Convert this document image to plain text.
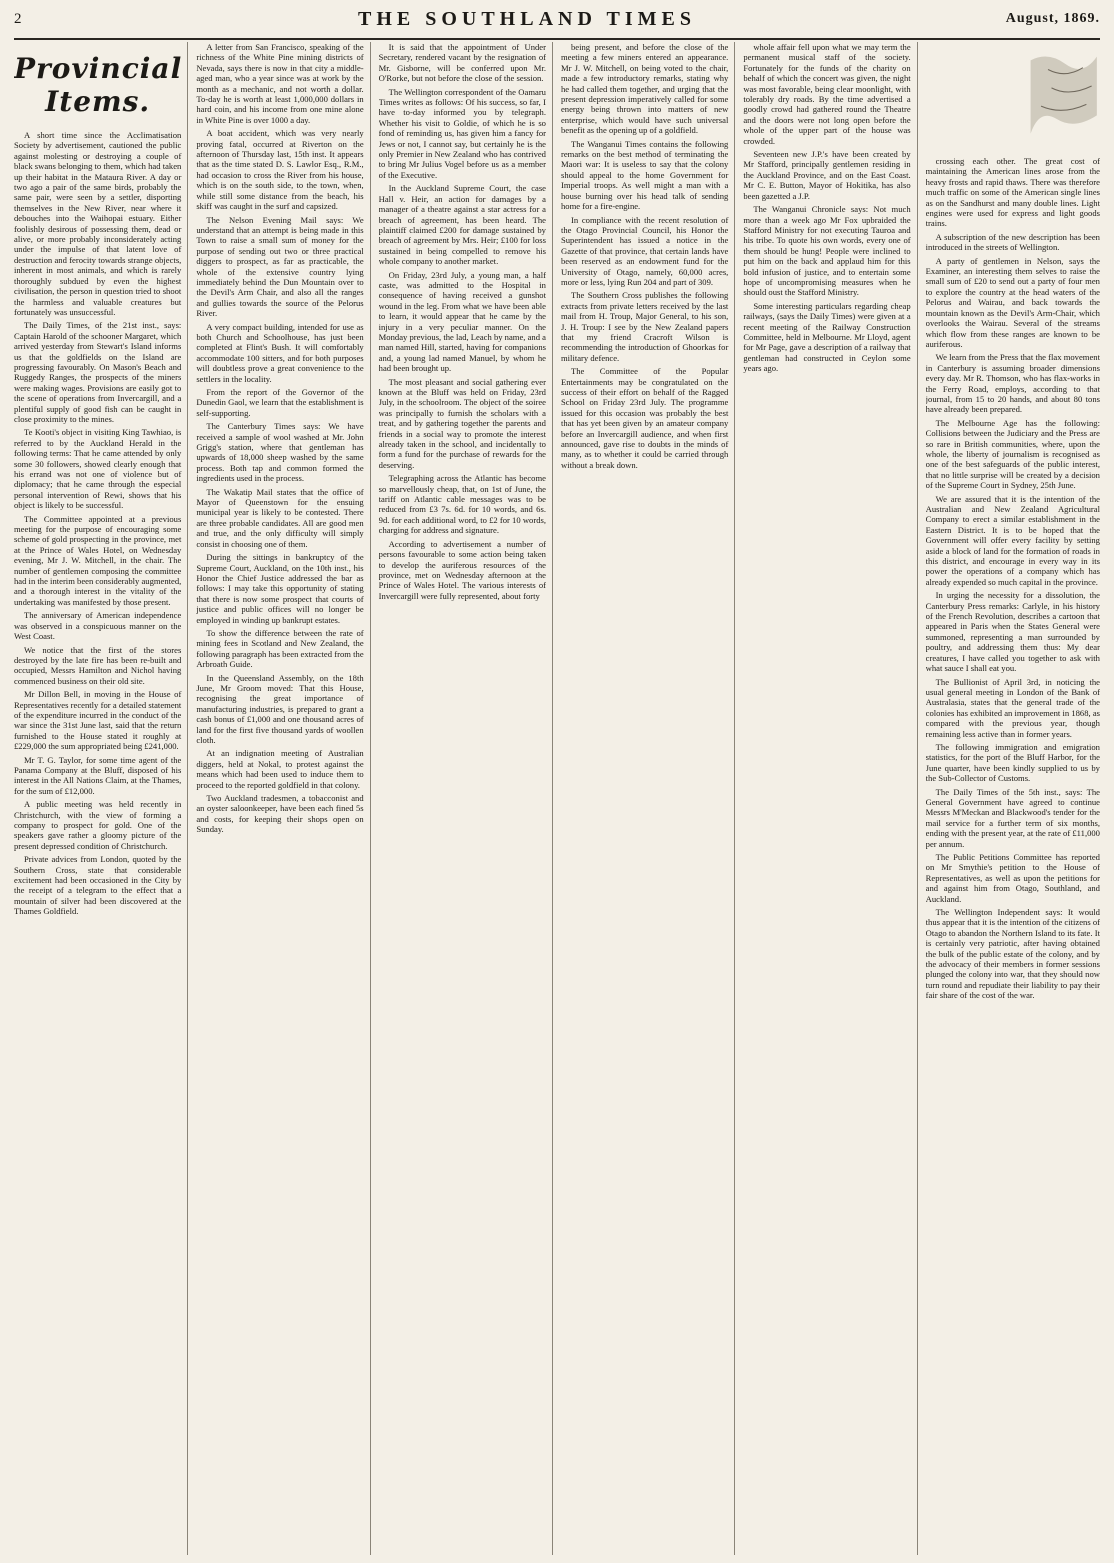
2	THE SOUTHLAND TIMES	August, 1869.
Provincial Items.

A short time since the Acclimatisation Society by advertisement, cautioned the public against molesting or destroying a couple of black swans belonging to them, which had taken up their habitat in the Mataura River. A day or two ago a pair of the same birds, probably the same pair, were seen by a settler, disporting themselves in the New River, near where it debouches into the Waihopai estuary. Either foolishly desirous of possessing them, dead or alive, or more probably inconsiderately acting under the impulse of that latent love of destruction and ferocity towards strange objects, inherent in most animals, and which is rarely thoroughly subdued by even the highest civilisation, the person in question tried to shoot the harmless and valuable creatures but fortunately was unsuccessful.

The Daily Times, of the 21st inst., says: Captain Harold of the schooner Margaret, which arrived yesterday from Stewart's Island informs us that the goldfields on the Island are progressing favourably. On Mason's Beach and Ruggedy Ranges, the prospects of the miners were making wages. Provisions are easily got to the scene of operations from Invercargill, and a plentiful supply of good fish can be caught in close proximity to the mines.

Te Kooti's object in visiting King Tawhiao, is referred to by the Auckland Herald in the following terms: That he came attended by only some 30 followers, showed clearly enough that his errand was not one of violence but of diplomacy; that he came through the especial personal intervention of Rewi, shows that his object is likely to be successful.

The Committee appointed at a previous meeting for the purpose of encouraging some scheme of gold prospecting in the province, met at the Prince of Wales Hotel, on Wednesday evening, Mr J. W. Mitchell, in the chair. The number of gentlemen composing the committee had in the interim been considerably augmented, and a thorough interest in the vitality of the undertaking was manifested by those present.

The anniversary of American independence was observed in a conspicuous manner on the West Coast.

We notice that the first of the stores destroyed by the late fire has been re-built and occupied, Messrs Hamilton and Nichol having commenced business on their old site.

Mr Dillon Bell, in moving in the House of Representatives recently for a detailed statement of the expenditure incurred in the conduct of the war since the 31st June last, said that the return furnished to the House stated it roughly at £229,000 the sum appropriated being £241,000.

Mr T. G. Taylor, for some time agent of the Panama Company at the Bluff, disposed of his interest in the All Nations Claim, at the Thames, for the sum of £12,000.

A public meeting was held recently in Christchurch, with the view of forming a company to prospect for gold. One of the speakers gave rather a gloomy picture of the present depressed condition of Christchurch.

Private advices from London, quoted by the Southern Cross, state that considerable excitement had been occasioned in the City by the receipt of a telegram to the effect that a mountain of silver had been discovered at the Thames Goldfield.

A letter from San Francisco, speaking of the richness of the White Pine mining districts of Nevada, says there is now in that city a middle-aged man, who a year since was at work by the month as a mechanic, and not worth a dollar. To-day he is worth at least 1,000,000 dollars in hard coin, and his income from one mine alone in White Pine is over 1000 a day.

A boat accident, which was very nearly proving fatal, occurred at Riverton on the afternoon of Thursday last, 15th inst. It appears that as the time stated D. S. Lawlor Esq., R.M., had occasion to cross the River from his house, which is on the south side, to the town, when, while still some distance from the beach, his skiff was caught in the surf and capsized.

The Nelson Evening Mail says: We understand that an attempt is being made in this Town to raise a small sum of money for the purpose of sending out two or three practical diggers to prospect, as far as practicable, the whole of the extensive country lying immediately behind the Dun Mountain over to the Devil's Arm Chair, and also all the ranges and gullies towards the source of the Pelorus River.

A very compact building, intended for use as both Church and Schoolhouse, has just been completed at Flint's Bush. It will comfortably accommodate 100 sitters, and for both purposes will doubtless prove a great convenience to the settlers in the locality.

From the report of the Governor of the Dunedin Gaol, we learn that the establishment is self-supporting.

The Canterbury Times says: We have received a sample of wool washed at Mr. John Grigg's station, where that gentleman has upwards of 18,000 sheep washed by the same process. Both tap and common formed the ingredients used in the process.

The Wakatip Mail states that the office of Mayor of Queenstown for the ensuing municipal year is likely to be contested. There are three probable candidates. All are good men and true, and the only difficulty will simply consist in choosing one of them.

During the sittings in bankruptcy of the Supreme Court, Auckland, on the 10th inst., his Honor the Chief Justice addressed the bar as follows: I may take this opportunity of stating that there is now some prospect that courts of justice and public offices will no longer be employed in winding up bankrupt estates.

To show the difference between the rate of mining fees in Scotland and New Zealand, the following paragraph has been extracted from the Arbroath Guide.

In the Queensland Assembly, on the 18th June, Mr Groom moved: That this House, recognising the great importance of manufacturing industries, is prepared to grant a cash bonus of £1,000 and one thousand acres of land for the first five thousand yards of woollen cloth.

At an indignation meeting of Australian diggers, held at Nokal, to protest against the means which had been used to induce them to proceed to the reported goldfield in that colony.

Two Auckland tradesmen, a tobacconist and an oyster saloonkeeper, have been each fined 5s and costs, for keeping their shops open on Sunday.

It is said that the appointment of Under Secretary, rendered vacant by the resignation of Mr. Gisborne, will be conferred upon Mr. O'Rorke, but not before the close of the session.

The Wellington correspondent of the Oamaru Times writes as follows: Of his success, so far, I have to-day informed you by telegraph. Whether his visit to Goldie, of which he is so fond of reminding us, has given him a fancy for Jews or not, I cannot say, but certainly he is the only Premier in New Zealand who has contrived to bring Mr Julius Vogel before us as a member of the Executive.

In the Auckland Supreme Court, the case Hall v. Heir, an action for damages by a manager of a theatre against a star actress for a breach of agreement, has been heard. The plaintiff claimed £200 for damage sustained by breach of agreement by Mrs. Heir; £100 for loss sustained in being compelled to remove his whole company to another market.

On Friday, 23rd July, a young man, a half caste, was admitted to the Hospital in consequence of having received a gunshot wound in the leg. From what we have been able to learn, it would appear that he came by the injury in a very peculiar manner. On the Monday previous, the lad, Leach by name, and a man named Hill, started, having for companions and, a young lad named Manuel, by whom he had been brought up.

The most pleasant and social gathering ever known at the Bluff was held on Friday, 23rd July, in the schoolroom. The object of the soiree was principally to furnish the scholars with a treat, and by gathering together the parents and friends in a social way to promote the interest already taken in the school, and incidentally to form a fund for the purchase of rewards for the deserving.

Telegraphing across the Atlantic has become so marvellously cheap, that, on 1st of June, the tariff on Atlantic cable messages was to be reduced from £3 7s. 6d. for 10 words, and 6s. 9d. for each additional word, to £2 for 10 words, charging for address and signature.

According to advertisement a number of persons favourable to some action being taken to develop the auriferous resources of the province, met on Wednesday afternoon at the Prince of Wales Hotel. The various interests of Invercargill were fully represented, about forty

being present, and before the close of the meeting a few miners entered an appearance. Mr J. W. Mitchell, on being voted to the chair, made a few introductory remarks, stating why he had called them together, and urging that the present depression imperatively called for some energy being thrown into matters of new enterprise, which would have such universal benefit as the opening up of a goldfield.

The Wanganui Times contains the following remarks on the best method of terminating the Maori war: It is useless to say that the colony should appeal to the home Government for Imperial troops. As well might a man with a house burning over his head talk of sending home for a fire-engine.

In compliance with the recent resolution of the Otago Provincial Council, his Honor the Superintendent has issued a notice in the Gazette of that province, that certain lands have been reserved as an endowment fund for the University of Otago, namely, 60,000 acres, more or less, lying Run 204 and part of 309.

The Southern Cross publishes the following extracts from private letters received by the last mail from H. Troup, Major General, to his son, J. H. Troup: I see by the New Zealand papers that my friend Cracroft Wilson is recommending the introduction of Ghoorkas for military defence.

The Committee of the Popular Entertainments may be congratulated on the success of their effort on behalf of the Ragged School on Friday 23rd July. The programme issued for this occasion was probably the best that has yet been given by an amateur company before an Invercargill audience, and when first announced, gave rise to doubts in the minds of many, as to whether it could be carried through without a break down.

whole affair fell upon what we may term the permanent musical staff of the society. Fortunately for the funds of the charity on behalf of which the concert was given, the night was most favorable, being clear moonlight, with tolerably dry roads. By the time advertised a goodly crowd had gathered round the Theatre and the doors were not long open before the whole of the upper part of the house was crowded.

Seventeen new J.P.'s have been created by Mr Stafford, principally gentlemen residing in the Auckland Province, and on the East Coast. Mr C. E. Button, Mayor of Hokitika, has also been gazetted a J.P.

The Wanganui Chronicle says: Not much more than a week ago Mr Fox upbraided the Stafford Ministry for not executing Tauroa and his tribe. To quote his own words, every one of them should be hung! People were inclined to put him on the back and applaud him for this bold infusion of justice, and to entertain some hope of uncompromising measures when he should oust the Stafford Ministry.

Some interesting particulars regarding cheap railways, (says the Daily Times) were given at a recent meeting of the Railway Construction Committee, held in Melbourne. Mr Lloyd, agent for Mr Page, gave a description of a railway that gentleman had constructed in Ceylon some years ago.

crossing each other. The great cost of maintaining the American lines arose from the heavy frosts and rapid thaws. There was therefore much traffic on some of the American single lines as on the Sandhurst and many double lines. Light engines were used for express and light goods trains.

A subscription of the new description has been introduced in the streets of Wellington.

A party of gentlemen in Nelson, says the Examiner, an interesting them selves to raise the small sum of £20 to send out a party of four men to explore the country at the head waters of the Pelorus and Wairau, and back towards the mountain known as the Devil's Arm-Chair, which overlooks the Wairau. Several of the streams which flow from these ranges are known to be auriferous.

We learn from the Press that the flax movement in Canterbury is assuming broader dimensions every day. Mr R. Thomson, who has flax-works in the Ferry Road, employs, according to that journal, from 15 to 20 hands, and about 80 tons have already been prepared.

The Melbourne Age has the following: Collisions between the Judiciary and the Press are so rare in British communities, where, upon the whole, the liberty of journalism is recognised as one of the best safeguards of the public interest, that no little surprise will be created by a decision of the Supreme Court in Sydney, 25th June.

We are assured that it is the intention of the Australian and New Zealand Agricultural Company to erect a similar establishment in the Eastern District. It is to be hoped that the Government will offer every facility by setting aside a block of land for the formation of roads in this district, and encourage in every way in its power the operations of a company which has already expended so much capital in the province.

In urging the necessity for a dissolution, the Canterbury Press remarks: Carlyle, in his history of the French Revolution, describes a cartoon that appeared in Paris when the States General were summoned, representing a man surrounded by poultry, and addressing them thus: My dear creatures, I have called you together to ask with what sauce I shall eat you.

The Bullionist of April 3rd, in noticing the usual general meeting in London of the Bank of Australasia, states that the general trade of the colonies has exhibited an improvement in 1868, as compared with the previous year, though remaining less active than in former years.

The following immigration and emigration statistics, for the port of the Bluff Harbor, for the June quarter, have been kindly supplied to us by the Sub-Collector of Customs.

The Daily Times of the 5th inst., says: The General Government have agreed to continue Messrs M'Meckan and Blackwood's tender for the mail service for a further term of six months, ending with the present year, at the rate of £11,000 per annum.

The Public Petitions Committee has reported on Mr Smythie's petition to the House of Representatives, as well as upon the petitions for and against him from Otago, Southland, and Auckland.

The Wellington Independent says: It would thus appear that it is the intention of the citizens of Otago to abandon the Northern Island to its fate. It is certainly very patriotic, after having obtained the bulk of the public estate of the colony, and by the advocacy of their members in former sessions plunged the colony into war, that they should now turn round and repudiate their liability to pay their fair share of the cost of the war.
